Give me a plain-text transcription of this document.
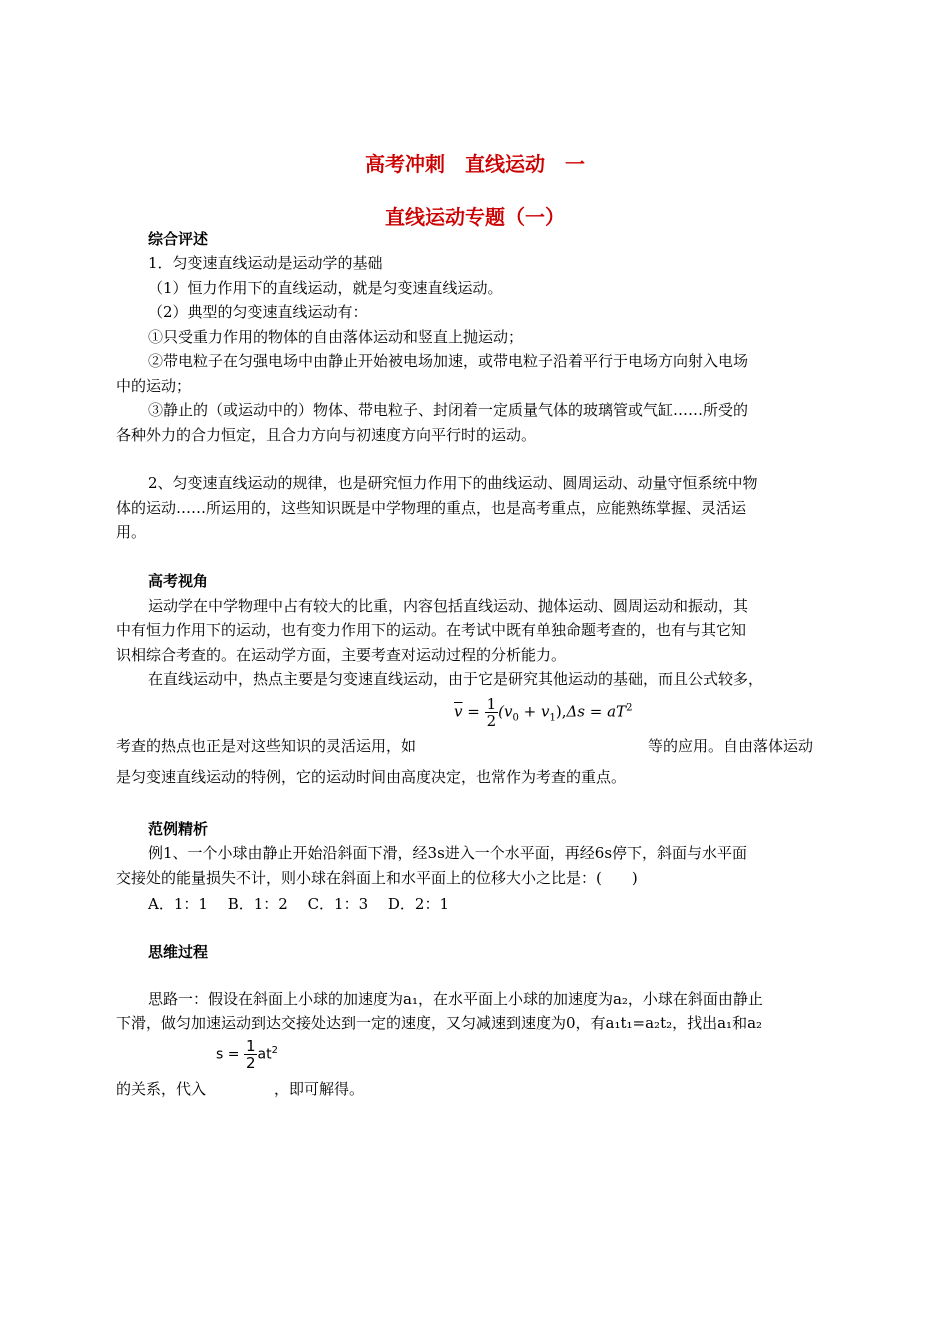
高考冲刺　直线运动　一
直线运动专题（一）
综合评述
1．匀变速直线运动是运动学的基础
（1）恒力作用下的直线运动，就是匀变速直线运动。
（2）典型的匀变速直线运动有：
①只受重力作用的物体的自由落体运动和竖直上抛运动；
②带电粒子在匀强电场中由静止开始被电场加速，或带电粒子沿着平行于电场方向射入电场
中的运动；
③静止的（或运动中的）物体、带电粒子、封闭着一定质量气体的玻璃管或气缸……所受的
各种外力的合力恒定，且合力方向与初速度方向平行时的运动。
2、匀变速直线运动的规律，也是研究恒力作用下的曲线运动、圆周运动、动量守恒系统中物
体的运动……所运用的，这些知识既是中学物理的重点，也是高考重点，应能熟练掌握、灵活运
用。
高考视角
运动学在中学物理中占有较大的比重，内容包括直线运动、抛体运动、圆周运动和振动，其
中有恒力作用下的运动，也有变力作用下的运动。在考试中既有单独命题考查的，也有与其它知
识相综合考查的。在运动学方面，主要考查对运动过程的分析能力。
在直线运动中，热点主要是匀变速直线运动，由于它是研究其他运动的基础，而且公式较多，
$\overline{v} = \frac{1}{2} (v_0 + v_1),\Delta s = aT^2$
考查的热点也正是对这些知识的灵活运用，如	等的应用。自由落体运动
是匀变速直线运动的特例，它的运动时间由高度决定，也常作为考查的重点。
范例精析
例1、一个小球由静止开始沿斜面下滑，经3s进入一个水平面，再经6s停下，斜面与水平面
交接处的能量损失不计，则小球在斜面上和水平面上的位移大小之比是：(　　)
A．1：1　 B．1：2　 C．1：3　 D．2：1
思维过程
思路一：假设在斜面上小球的加速度为a₁，在水平面上小球的加速度为a₂，小球在斜面由静止
下滑，做匀加速运动到达交接处达到一定的速度，又匀减速到速度为0，有a₁t₁=a₂t₂，找出a₁和a₂
$s = \frac{1}{2} at^2$
的关系，代入	，即可解得。
